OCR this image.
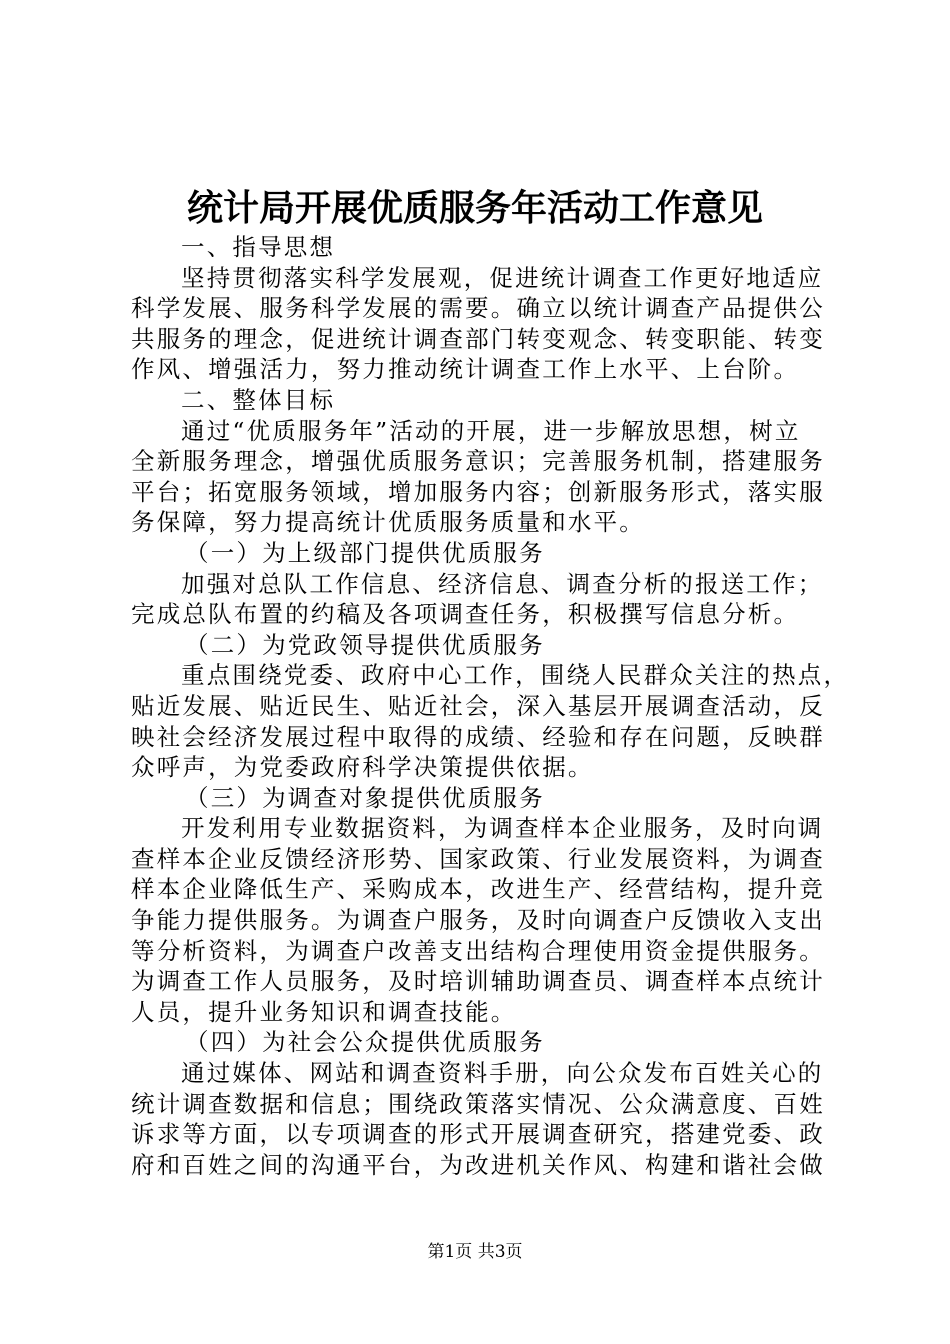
统计局开展优质服务年活动工作意见
一、指导思想
坚持贯彻落实科学发展观，促进统计调查工作更好地适应
科学发展、服务科学发展的需要。确立以统计调查产品提供公
共服务的理念，促进统计调查部门转变观念、转变职能、转变
作风、增强活力，努力推动统计调查工作上水平、上台阶。
二、整体目标
通过“优质服务年”活动的开展，进一步解放思想，树立
全新服务理念，增强优质服务意识；完善服务机制，搭建服务
平台；拓宽服务领域，增加服务内容；创新服务形式，落实服
务保障，努力提高统计优质服务质量和水平。
（一）为上级部门提供优质服务
加强对总队工作信息、经济信息、调查分析的报送工作；
完成总队布置的约稿及各项调查任务，积极撰写信息分析。
（二）为党政领导提供优质服务
重点围绕党委、政府中心工作，围绕人民群众关注的热点，
贴近发展、贴近民生、贴近社会，深入基层开展调查活动，反
映社会经济发展过程中取得的成绩、经验和存在问题，反映群
众呼声，为党委政府科学决策提供依据。
（三）为调查对象提供优质服务
开发利用专业数据资料，为调查样本企业服务，及时向调
查样本企业反馈经济形势、国家政策、行业发展资料，为调查
样本企业降低生产、采购成本，改进生产、经营结构，提升竞
争能力提供服务。为调查户服务，及时向调查户反馈收入支出
等分析资料，为调查户改善支出结构合理使用资金提供服务。
为调查工作人员服务，及时培训辅助调查员、调查样本点统计
人员，提升业务知识和调查技能。
（四）为社会公众提供优质服务
通过媒体、网站和调查资料手册，向公众发布百姓关心的
统计调查数据和信息；围绕政策落实情况、公众满意度、百姓
诉求等方面，以专项调查的形式开展调查研究，搭建党委、政
府和百姓之间的沟通平台，为改进机关作风、构建和谐社会做
第1页 共3页
